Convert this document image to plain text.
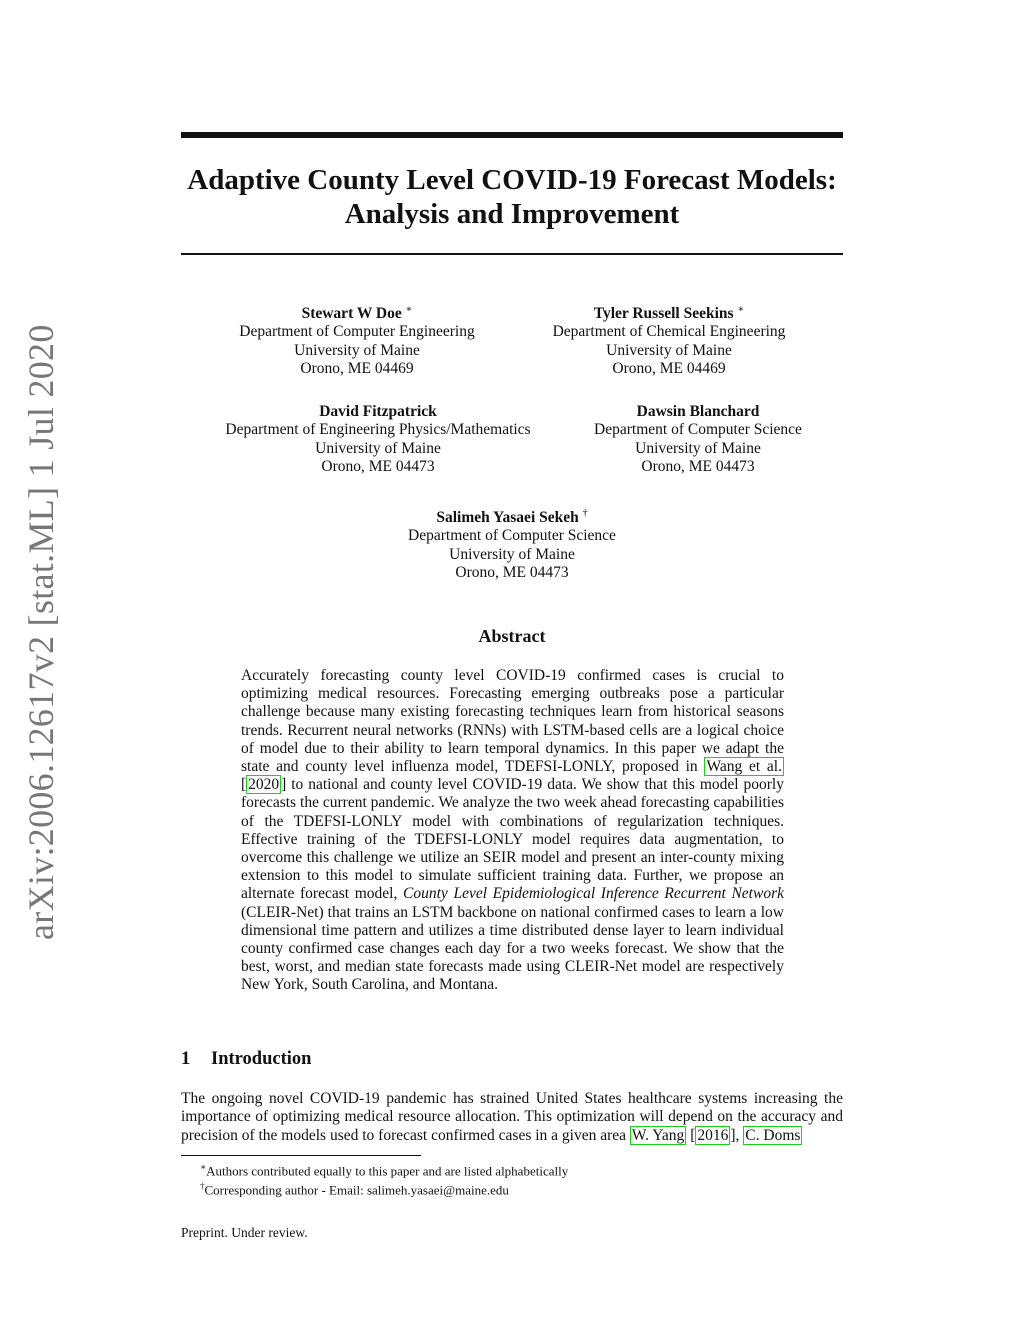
arXiv:2006.12617v2 [stat.ML] 1 Jul 2020
Adaptive County Level COVID-19 Forecast Models:
Analysis and Improvement
Stewart W Doe ∗
Department of Computer Engineering
University of Maine
Orono, ME 04469
Tyler Russell Seekins ∗
Department of Chemical Engineering
University of Maine
Orono, ME 04469
David Fitzpatrick
Department of Engineering Physics/Mathematics
University of Maine
Orono, ME 04473
Dawsin Blanchard
Department of Computer Science
University of Maine
Orono, ME 04473
Salimeh Yasaei Sekeh †
Department of Computer Science
University of Maine
Orono, ME 04473
Abstract
Accurately forecasting county level COVID-19 confirmed cases is crucial to optimizing medical resources. Forecasting emerging outbreaks pose a particular challenge because many existing forecasting techniques learn from historical seasons trends. Recurrent neural networks (RNNs) with LSTM-based cells are a logical choice of model due to their ability to learn temporal dynamics. In this paper we adapt the state and county level influenza model, TDEFSI-LONLY, proposed in Wang et al. [ 2020 ] to national and county level COVID-19 data. We show that this model poorly forecasts the current pandemic. We analyze the two week ahead forecasting capabilities of the TDEFSI-LONLY model with combinations of regularization techniques. Effective training of the TDEFSI-LONLY model requires data augmentation, to overcome this challenge we utilize an SEIR model and present an inter-county mixing extension to this model to simulate sufficient training data. Further, we propose an alternate forecast model, County Level Epidemiological Inference Recurrent Network (CLEIR-Net) that trains an LSTM backbone on national confirmed cases to learn a low dimensional time pattern and utilizes a time distributed dense layer to learn individual county confirmed case changes each day for a two weeks forecast. We show that the best, worst, and median state forecasts made using CLEIR-Net model are respectively New York, South Carolina, and Montana.
1 Introduction
The ongoing novel COVID-19 pandemic has strained United States healthcare systems increasing the importance of optimizing medical resource allocation. This optimization will depend on the accuracy and precision of the models used to forecast confirmed cases in a given area W. Yang [ 2016 ], C. Doms
∗Authors contributed equally to this paper and are listed alphabetically
†Corresponding author - Email: salimeh.yasaei@maine.edu
Preprint. Under review.
